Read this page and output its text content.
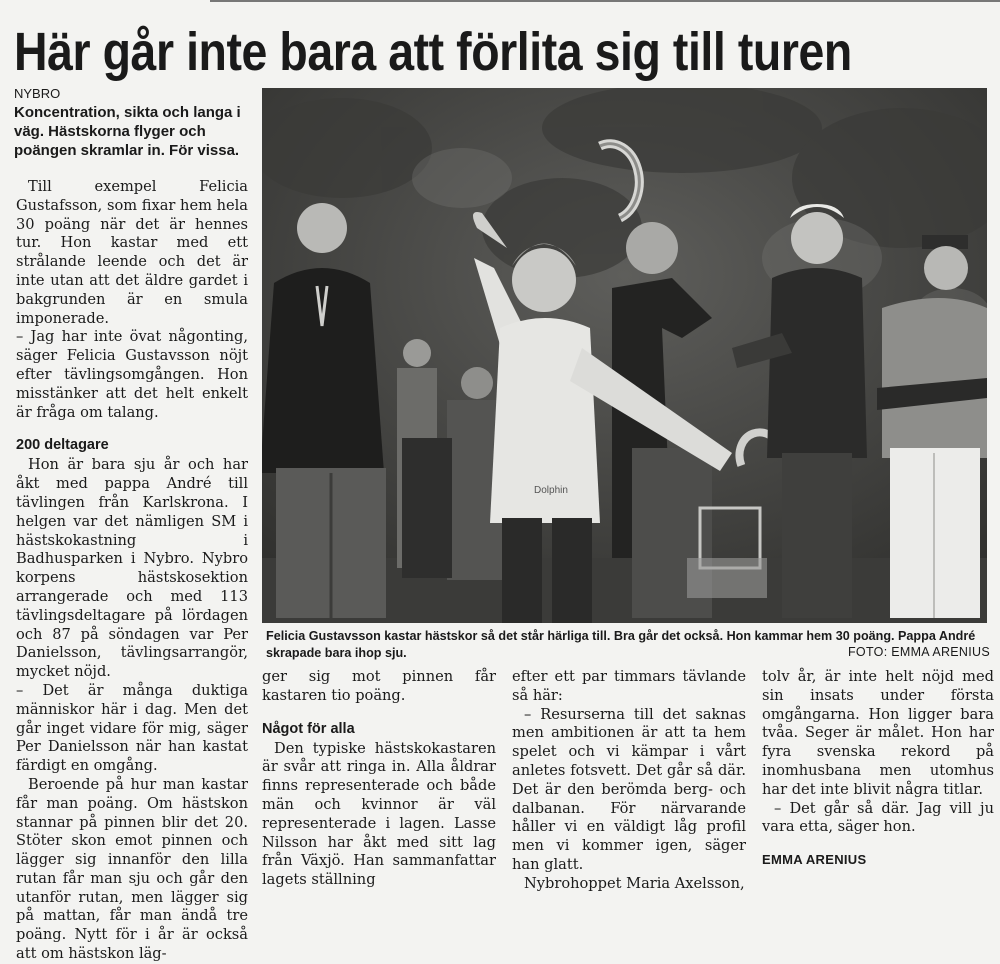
Här går inte bara att förlita sig till turen
NYBRO
Koncentration, sikta och langa i väg. Hästskorna flyger och poängen skramlar in. För vissa.

Till exempel Felicia Gustafsson, som fixar hem hela 30 poäng när det är hennes tur. Hon kastar med ett strålande leende och det är inte utan att det äldre gardet i bakgrunden är en smula imponerade.

– Jag har inte övat någonting, säger Felicia Gustavsson nöjt efter tävlingsomgången. Hon misstänker att det helt enkelt är fråga om talang.

200 deltagare

Hon är bara sju år och har åkt med pappa André till tävlingen från Karlskrona. I helgen var det nämligen SM i hästskokastning i Badhusparken i Nybro. Nybro korpens hästskosektion arrangerade och med 113 tävlingsdeltagare på lördagen och 87 på söndagen var Per Danielsson, tävlingsarrangör, mycket nöjd.

– Det är många duktiga människor här i dag. Men det går inget vidare för mig, säger Per Danielsson när han kastat färdigt en omgång.

Beroende på hur man kastar får man poäng. Om hästskon stannar på pinnen blir det 20. Stöter skon emot pinnen och lägger sig innanför den lilla rutan får man sju och går den utanför rutan, men lägger sig på mattan, får man ändå tre poäng. Nytt för i år är också att om hästskon läg-

Dolphin
Felicia Gustavsson kastar hästskor så det står härliga till. Bra går det också. Hon kammar hem 30 poäng. Pappa André skrapade bara ihop sju.	FOTO: EMMA ARENIUS

ger sig mot pinnen får kastaren tio poäng.

Något för alla

Den typiske hästskokastaren är svår att ringa in. Alla åldrar finns representerade och både män och kvinnor är väl representerade i lagen. Lasse Nilsson har åkt med sitt lag från Växjö. Han sammanfattar lagets ställning

efter ett par timmars tävlande så här:

– Resurserna till det saknas men ambitionen är att ta hem spelet och vi kämpar i vårt anletes fotsvett. Det går så där. Det är den berömda berg- och dalbanan. För närvarande håller vi en väldigt låg profil men vi kommer igen, säger han glatt.

Nybrohoppet Maria Axelsson,

tolv år, är inte helt nöjd med sin insats under första omgångarna. Hon ligger bara tvåa. Seger är målet. Hon har fyra svenska rekord på inomhusbana men utomhus har det inte blivit några titlar.

– Det går så där. Jag vill ju vara etta, säger hon.

EMMA ARENIUS
